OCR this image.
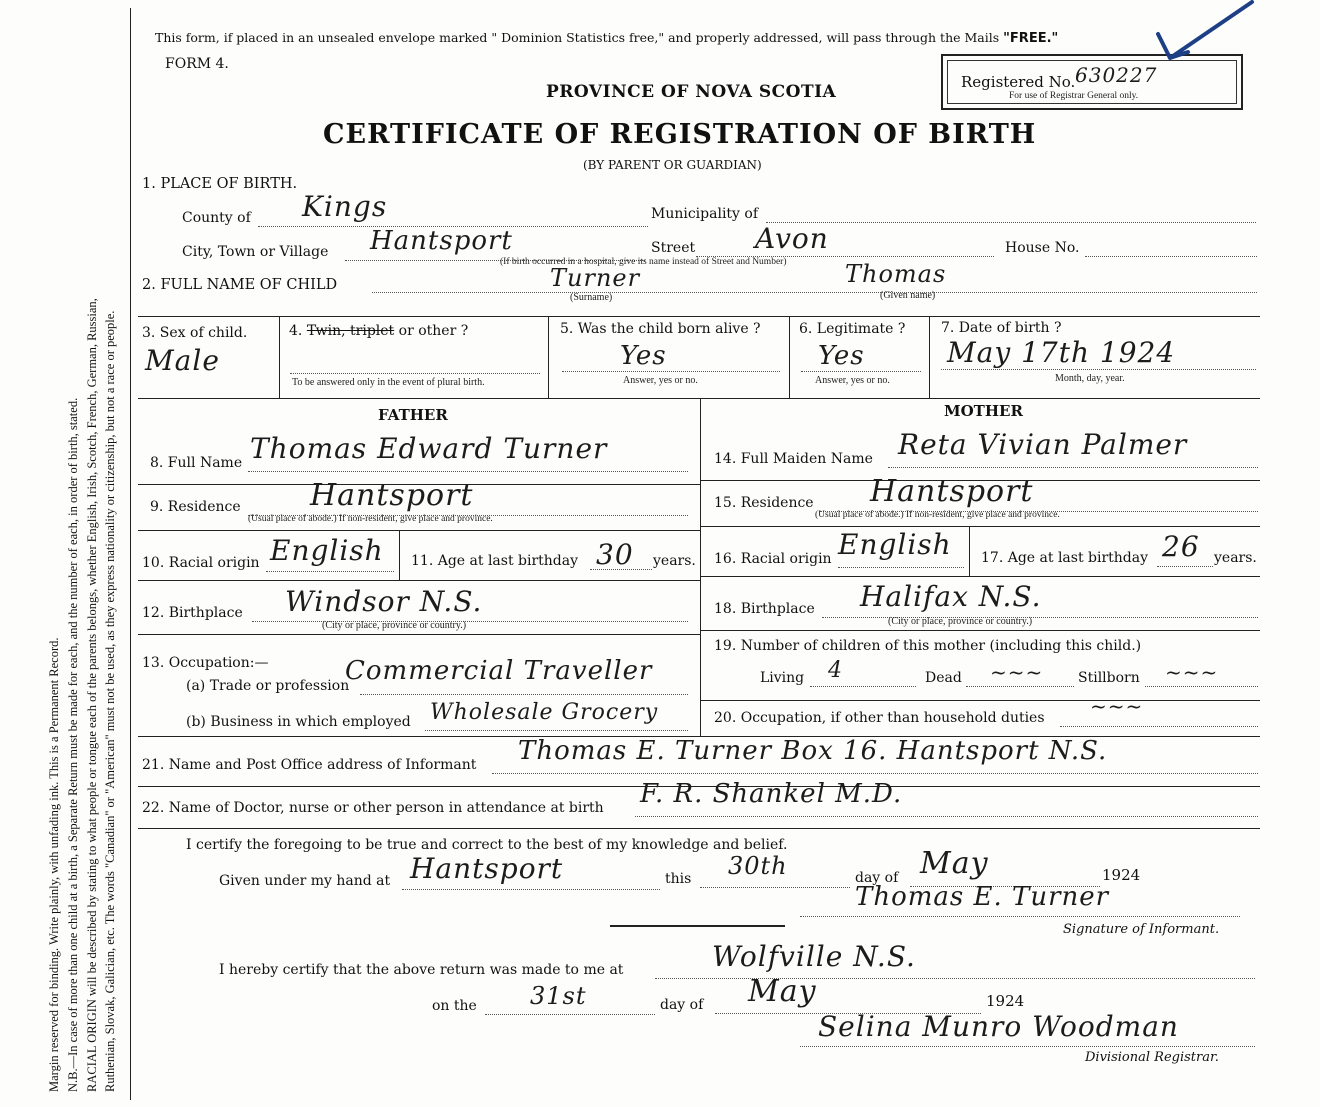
Margin reserved for binding. Write plainly, with unfading ink. This is a Permanent Record. N.B.—In case of more than one child at a birth, a Separate Return must be made for each, and the number of each, in order of birth, stated. RACIAL ORIGIN will be described by stating to what people or tongue each of the parents belongs, whether English, Irish, Scotch, French, German, Russian, Ruthenian, Slovak, Galician, etc. The words "Canadian" or "American" must not be used, as they express nationality or citizenship, but not a race or people.
This form, if placed in an unsealed envelope marked " Dominion Statistics free," and properly addressed, will pass through the Mails "FREE."
FORM 4.
PROVINCE OF NOVA SCOTIA
CERTIFICATE OF REGISTRATION OF BIRTH
(BY PARENT OR GUARDIAN)
Registered No. 630227
For use of Registrar General only.
1. PLACE OF BIRTH.
County of Kings	Municipality of
City, Town or Village Hantsport	Street Avon	House No.
(If birth occurred in a hospital, give its name instead of Street and Number)
2. FULL NAME OF CHILD	Turner	Thomas
(Surname)	(Given name)
3. Sex of child.
Male
4. Twin, triplet or other ?
To be answered only in the event of plural birth.
5. Was the child born alive ?
Yes
Answer, yes or no.
6. Legitimate ?
Yes
Answer, yes or no.
7. Date of birth ?
May 17th 1924
Month, day, year.
FATHER	MOTHER
8. Full Name Thomas Edward Turner	14. Full Maiden Name Reta Vivian Palmer
9. Residence Hantsport
(Usual place of abode.) If non-resident, give place and province.
15. Residence Hantsport
(Usual place of abode.) If non-resident, give place and province.
10. Racial origin English 11. Age at last birthday 30 years. 16. Racial origin English 17. Age at last birthday 26 years.
12. Birthplace Windsor N.S.
(City or place, province or country.)
18. Birthplace Halifax N.S.
(City or place, province or country.)
13. Occupation:—
(a) Trade or profession
Commercial Traveller
(b) Business in which employed Wholesale Grocery
19. Number of children of this mother (including this child.)
Living 4	Dead ~~~ Stillborn ~~~
20. Occupation, if other than household duties ~~~
21. Name and Post Office address of Informant Thomas E. Turner Box 16. Hantsport N.S.
22. Name of Doctor, nurse or other person in attendance at birth F. R. Shankel M.D.
I certify the foregoing to be true and correct to the best of my knowledge and belief.
Given under my hand at Hantsport	this 30th	day of May	1924
Thomas E. Turner
Signature of Informant.
I hereby certify that the above return was made to me at	Wolfville N.S.
on the 31st	day of May	1924
Selina Munro Woodman
Divisional Registrar.
